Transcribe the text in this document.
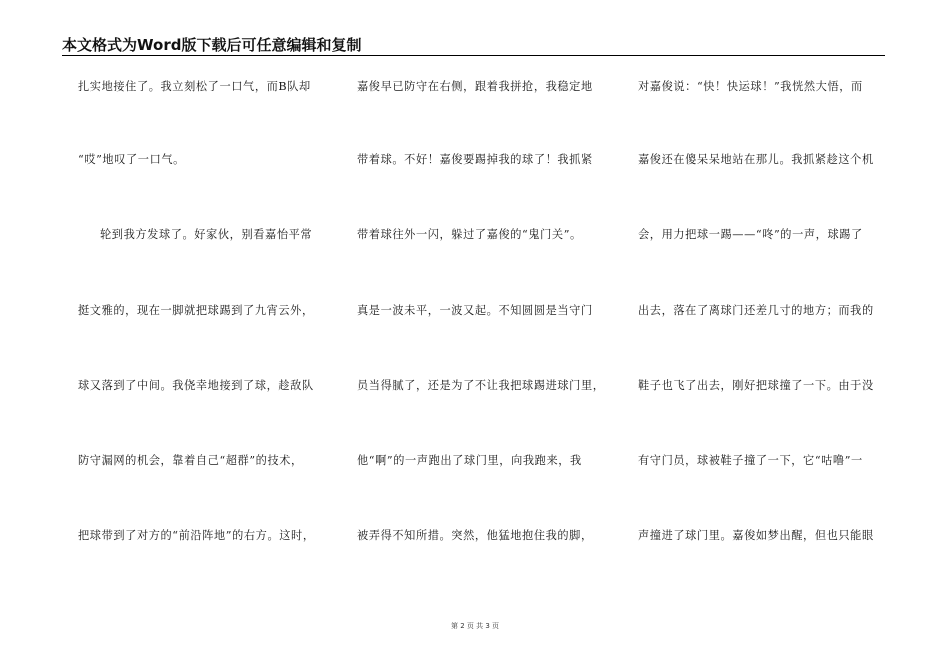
本文格式为Word版下载后可任意编辑和复制
扎实地接住了。我立刻松了一口气，而B队却
“哎”地叹了一口气。
轮到我方发球了。好家伙，别看嘉怡平常
挺文雅的，现在一脚就把球踢到了九宵云外，
球又落到了中间。我侥幸地接到了球，趁敌队
防守漏网的机会，靠着自己“超群”的技术，
把球带到了对方的“前沿阵地”的右方。这时，
嘉俊早已防守在右侧，跟着我拼抢，我稳定地
带着球。不好！嘉俊要踢掉我的球了！我抓紧
带着球往外一闪，躲过了嘉俊的“鬼门关”。
真是一波未平，一波又起。不知圆圆是当守门
员当得腻了，还是为了不让我把球踢进球门里，
他“啊”的一声跑出了球门里，向我跑来，我
被弄得不知所措。突然，他猛地抱住我的脚，
对嘉俊说：“快！快运球！”我恍然大悟，而
嘉俊还在傻呆呆地站在那儿。我抓紧趁这个机
会，用力把球一踢——“咚”的一声，球踢了
出去，落在了离球门还差几寸的地方；而我的
鞋子也飞了出去，刚好把球撞了一下。由于没
有守门员，球被鞋子撞了一下，它“咕噜”一
声撞进了球门里。嘉俊如梦出醒，但也只能眼
第 2 页 共 3 页
